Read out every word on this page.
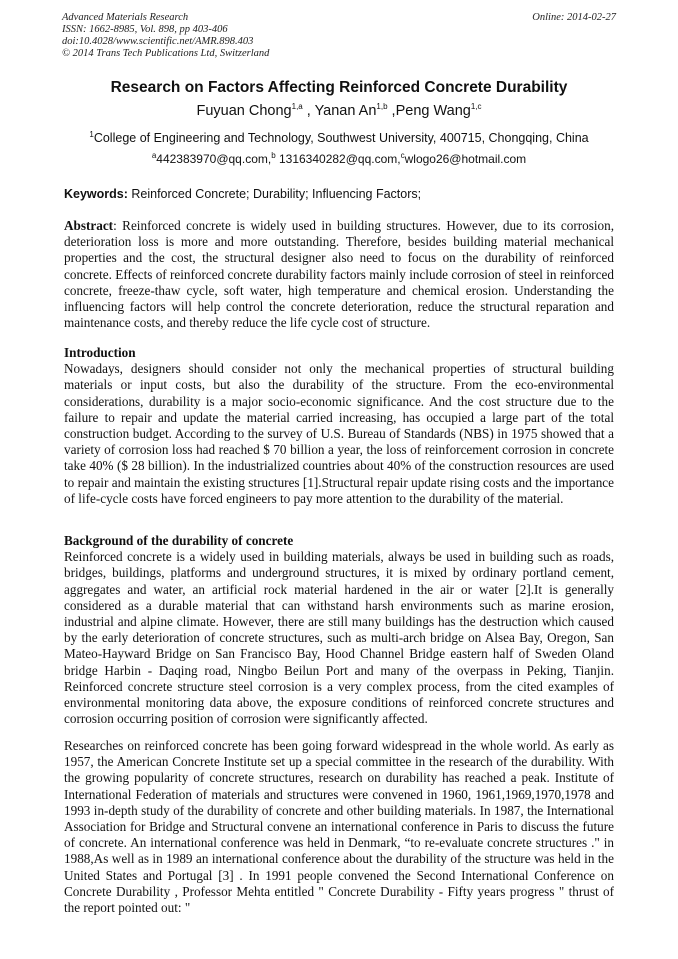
Advanced Materials Research
ISSN: 1662-8985, Vol. 898, pp 403-406
doi:10.4028/www.scientific.net/AMR.898.403
© 2014 Trans Tech Publications Ltd, Switzerland
Online: 2014-02-27
Research on Factors Affecting Reinforced Concrete Durability
Fuyuan Chong$^{1,a}$ , Yanan An$^{1,b}$ ,Peng Wang$^{1,c}$
$^1$College of Engineering and Technology, Southwest University, 400715, Chongqing, China
$^a$442383970@qq.com,$^b$ 1316340282@qq.com,$^c$wlogo26@hotmail.com
Keywords: Reinforced Concrete; Durability; Influencing Factors;
Abstract: Reinforced concrete is widely used in building structures. However, due to its corrosion, deterioration loss is more and more outstanding. Therefore, besides building material mechanical properties and the cost, the structural designer also need to focus on the durability of reinforced concrete. Effects of reinforced concrete durability factors mainly include corrosion of steel in reinforced concrete, freeze-thaw cycle, soft water, high temperature and chemical erosion. Understanding the influencing factors will help control the concrete deterioration, reduce the structural reparation and maintenance costs, and thereby reduce the life cycle cost of structure.
Introduction
Nowadays, designers should consider not only the mechanical properties of structural building materials or input costs, but also the durability of the structure. From the eco-environmental considerations, durability is a major socio-economic significance. And the cost structure due to the failure to repair and update the material carried increasing, has occupied a large part of the total construction budget. According to the survey of U.S. Bureau of Standards (NBS) in 1975 showed that a variety of corrosion loss had reached $ 70 billion a year, the loss of reinforcement corrosion in concrete take 40% ($ 28 billion). In the industrialized countries about 40% of the construction resources are used to repair and maintain the existing structures [1].Structural repair update rising costs and the importance of life-cycle costs have forced engineers to pay more attention to the durability of the material.
Background of the durability of concrete
Reinforced concrete is a widely used in building materials, always be used in building such as roads, bridges, buildings, platforms and underground structures, it is mixed by ordinary portland cement, aggregates and water, an artificial rock material hardened in the air or water [2].It is generally considered as a durable material that can withstand harsh environments such as marine erosion, industrial and alpine climate. However, there are still many buildings has the destruction which caused by the early deterioration of concrete structures, such as multi-arch bridge on Alsea Bay, Oregon, San Mateo-Hayward Bridge on San Francisco Bay, Hood Channel Bridge eastern half of Sweden Oland bridge Harbin - Daqing road, Ningbo Beilun Port and many of the overpass in Peking, Tianjin. Reinforced concrete structure steel corrosion is a very complex process, from the cited examples of environmental monitoring data above, the exposure conditions of reinforced concrete structures and corrosion occurring position of corrosion were significantly affected.
Researches on reinforced concrete has been going forward widespread in the whole world. As early as 1957, the American Concrete Institute set up a special committee in the research of the durability. With the growing popularity of concrete structures, research on durability has reached a peak. Institute of International Federation of materials and structures were convened in 1960, 1961,1969,1970,1978 and 1993 in-depth study of the durability of concrete and other building materials. In 1987, the International Association for Bridge and Structural convene an international conference in Paris to discuss the future of concrete. An international conference was held in Denmark, “to re-evaluate concrete structures ." in 1988,As well as in 1989 an international conference about the durability of the structure was held in the United States and Portugal [3] . In 1991 people convened the Second International Conference on Concrete Durability , Professor Mehta entitled " Concrete Durability - Fifty years progress " thrust of the report pointed out: "
